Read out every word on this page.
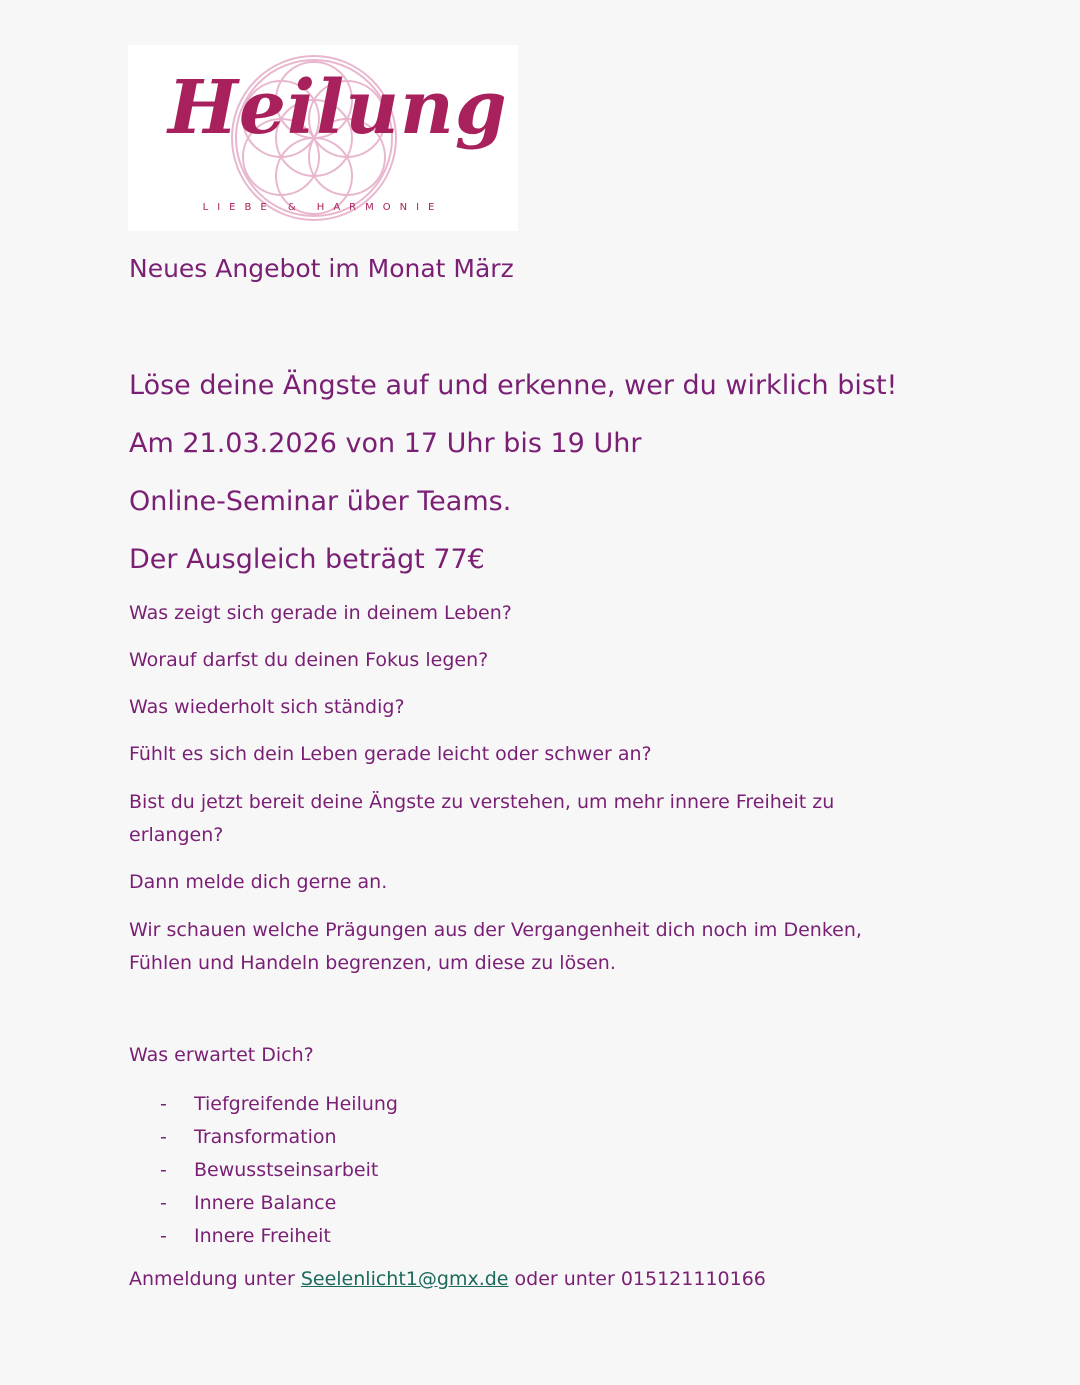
Heilung
LIEBE & HARMONIE
Neues Angebot im Monat März
Löse deine Ängste auf und erkenne, wer du wirklich bist!
Am 21.03.2026 von 17 Uhr bis 19 Uhr
Online-Seminar über Teams.
Der Ausgleich beträgt 77€
Was zeigt sich gerade in deinem Leben?
Worauf darfst du deinen Fokus legen?
Was wiederholt sich ständig?
Fühlt es sich dein Leben gerade leicht oder schwer an?
Bist du jetzt bereit deine Ängste zu verstehen, um mehr innere Freiheit zu erlangen?
Dann melde dich gerne an.
Wir schauen welche Prägungen aus der Vergangenheit dich noch im Denken, Fühlen und Handeln begrenzen, um diese zu lösen.
Was erwartet Dich?
- Tiefgreifende Heilung
- Transformation
- Bewusstseinsarbeit
- Innere Balance
- Innere Freiheit
Anmeldung unter Seelenlicht1@gmx.de oder unter 015121110166
